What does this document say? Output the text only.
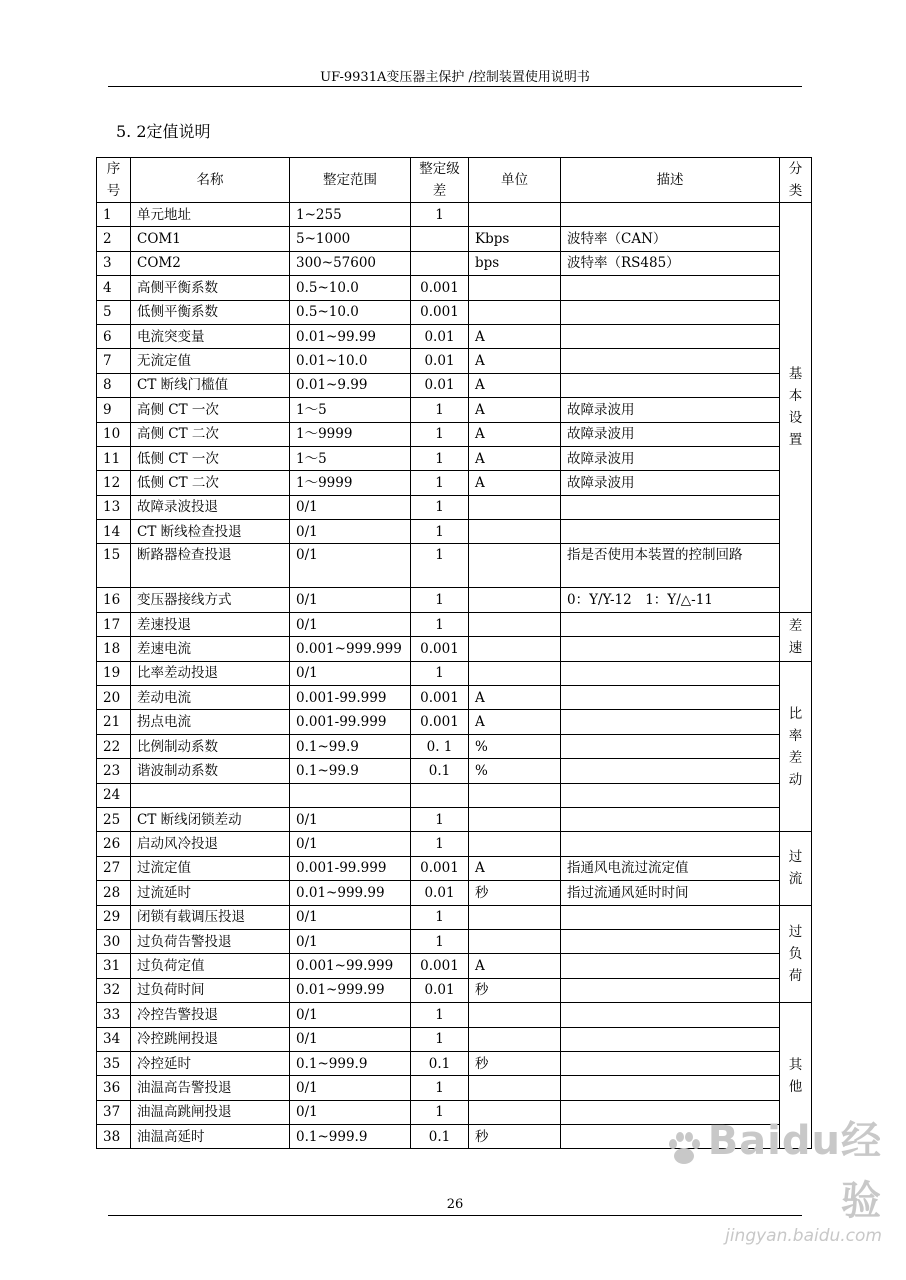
UF-9931A变压器主保护 /控制装置使用说明书
5. 2定值说明
序号	名称	整定范围	整定级差	单位	描述	分类
1	单元地址	1~255	1			基本设置
2	COM1	5~1000		Kbps	波特率（CAN）	
3	COM2	300~57600		bps	波特率（RS485）	
4	高侧平衡系数	0.5~10.0	0.001			
5	低侧平衡系数	0.5~10.0	0.001			
6	电流突变量	0.01~99.99	0.01	A		
7	无流定值	0.01~10.0	0.01	A		
8	CT 断线门槛值	0.01~9.99	0.01	A		
9	高侧 CT 一次	1～5	1	A	故障录波用	
10	高侧 CT 二次	1～9999	1	A	故障录波用	
11	低侧 CT 一次	1～5	1	A	故障录波用	
12	低侧 CT 二次	1～9999	1	A	故障录波用	
13	故障录波投退	0/1	1			
14	CT 断线检查投退	0/1	1			
15	断路器检查投退	0/1	1		指是否使用本装置的控制回路	
16	变压器接线方式	0/1	1		0：Y/Y-12　1：Y/△-11	
17	差速投退	0/1	1			差速
18	差速电流	0.001~999.999	0.001			
19	比率差动投退	0/1	1			比率差动
20	差动电流	0.001-99.999	0.001	A		
21	拐点电流	0.001-99.999	0.001	A		
22	比例制动系数	0.1~99.9	0. 1	%		
23	谐波制动系数	0.1~99.9	0.1	%		
24						
25	CT 断线闭锁差动	0/1	1			
26	启动风冷投退	0/1	1			过流
27	过流定值	0.001-99.999	0.001	A	指通风电流过流定值	
28	过流延时	0.01~999.99	0.01	秒	指过流通风延时时间	
29	闭锁有载调压投退	0/1	1			过负荷
30	过负荷告警投退	0/1	1			
31	过负荷定值	0.001~99.999	0.001	A		
32	过负荷时间	0.01~999.99	0.01	秒		
33	冷控告警投退	0/1	1			其他
34	冷控跳闸投退	0/1	1			
35	冷控延时	0.1~999.9	0.1	秒		
36	油温高告警投退	0/1	1			
37	油温高跳闸投退	0/1	1			
38	油温高延时	0.1~999.9	0.1	秒		
26
Baidu经验
jingyan.baidu.com
